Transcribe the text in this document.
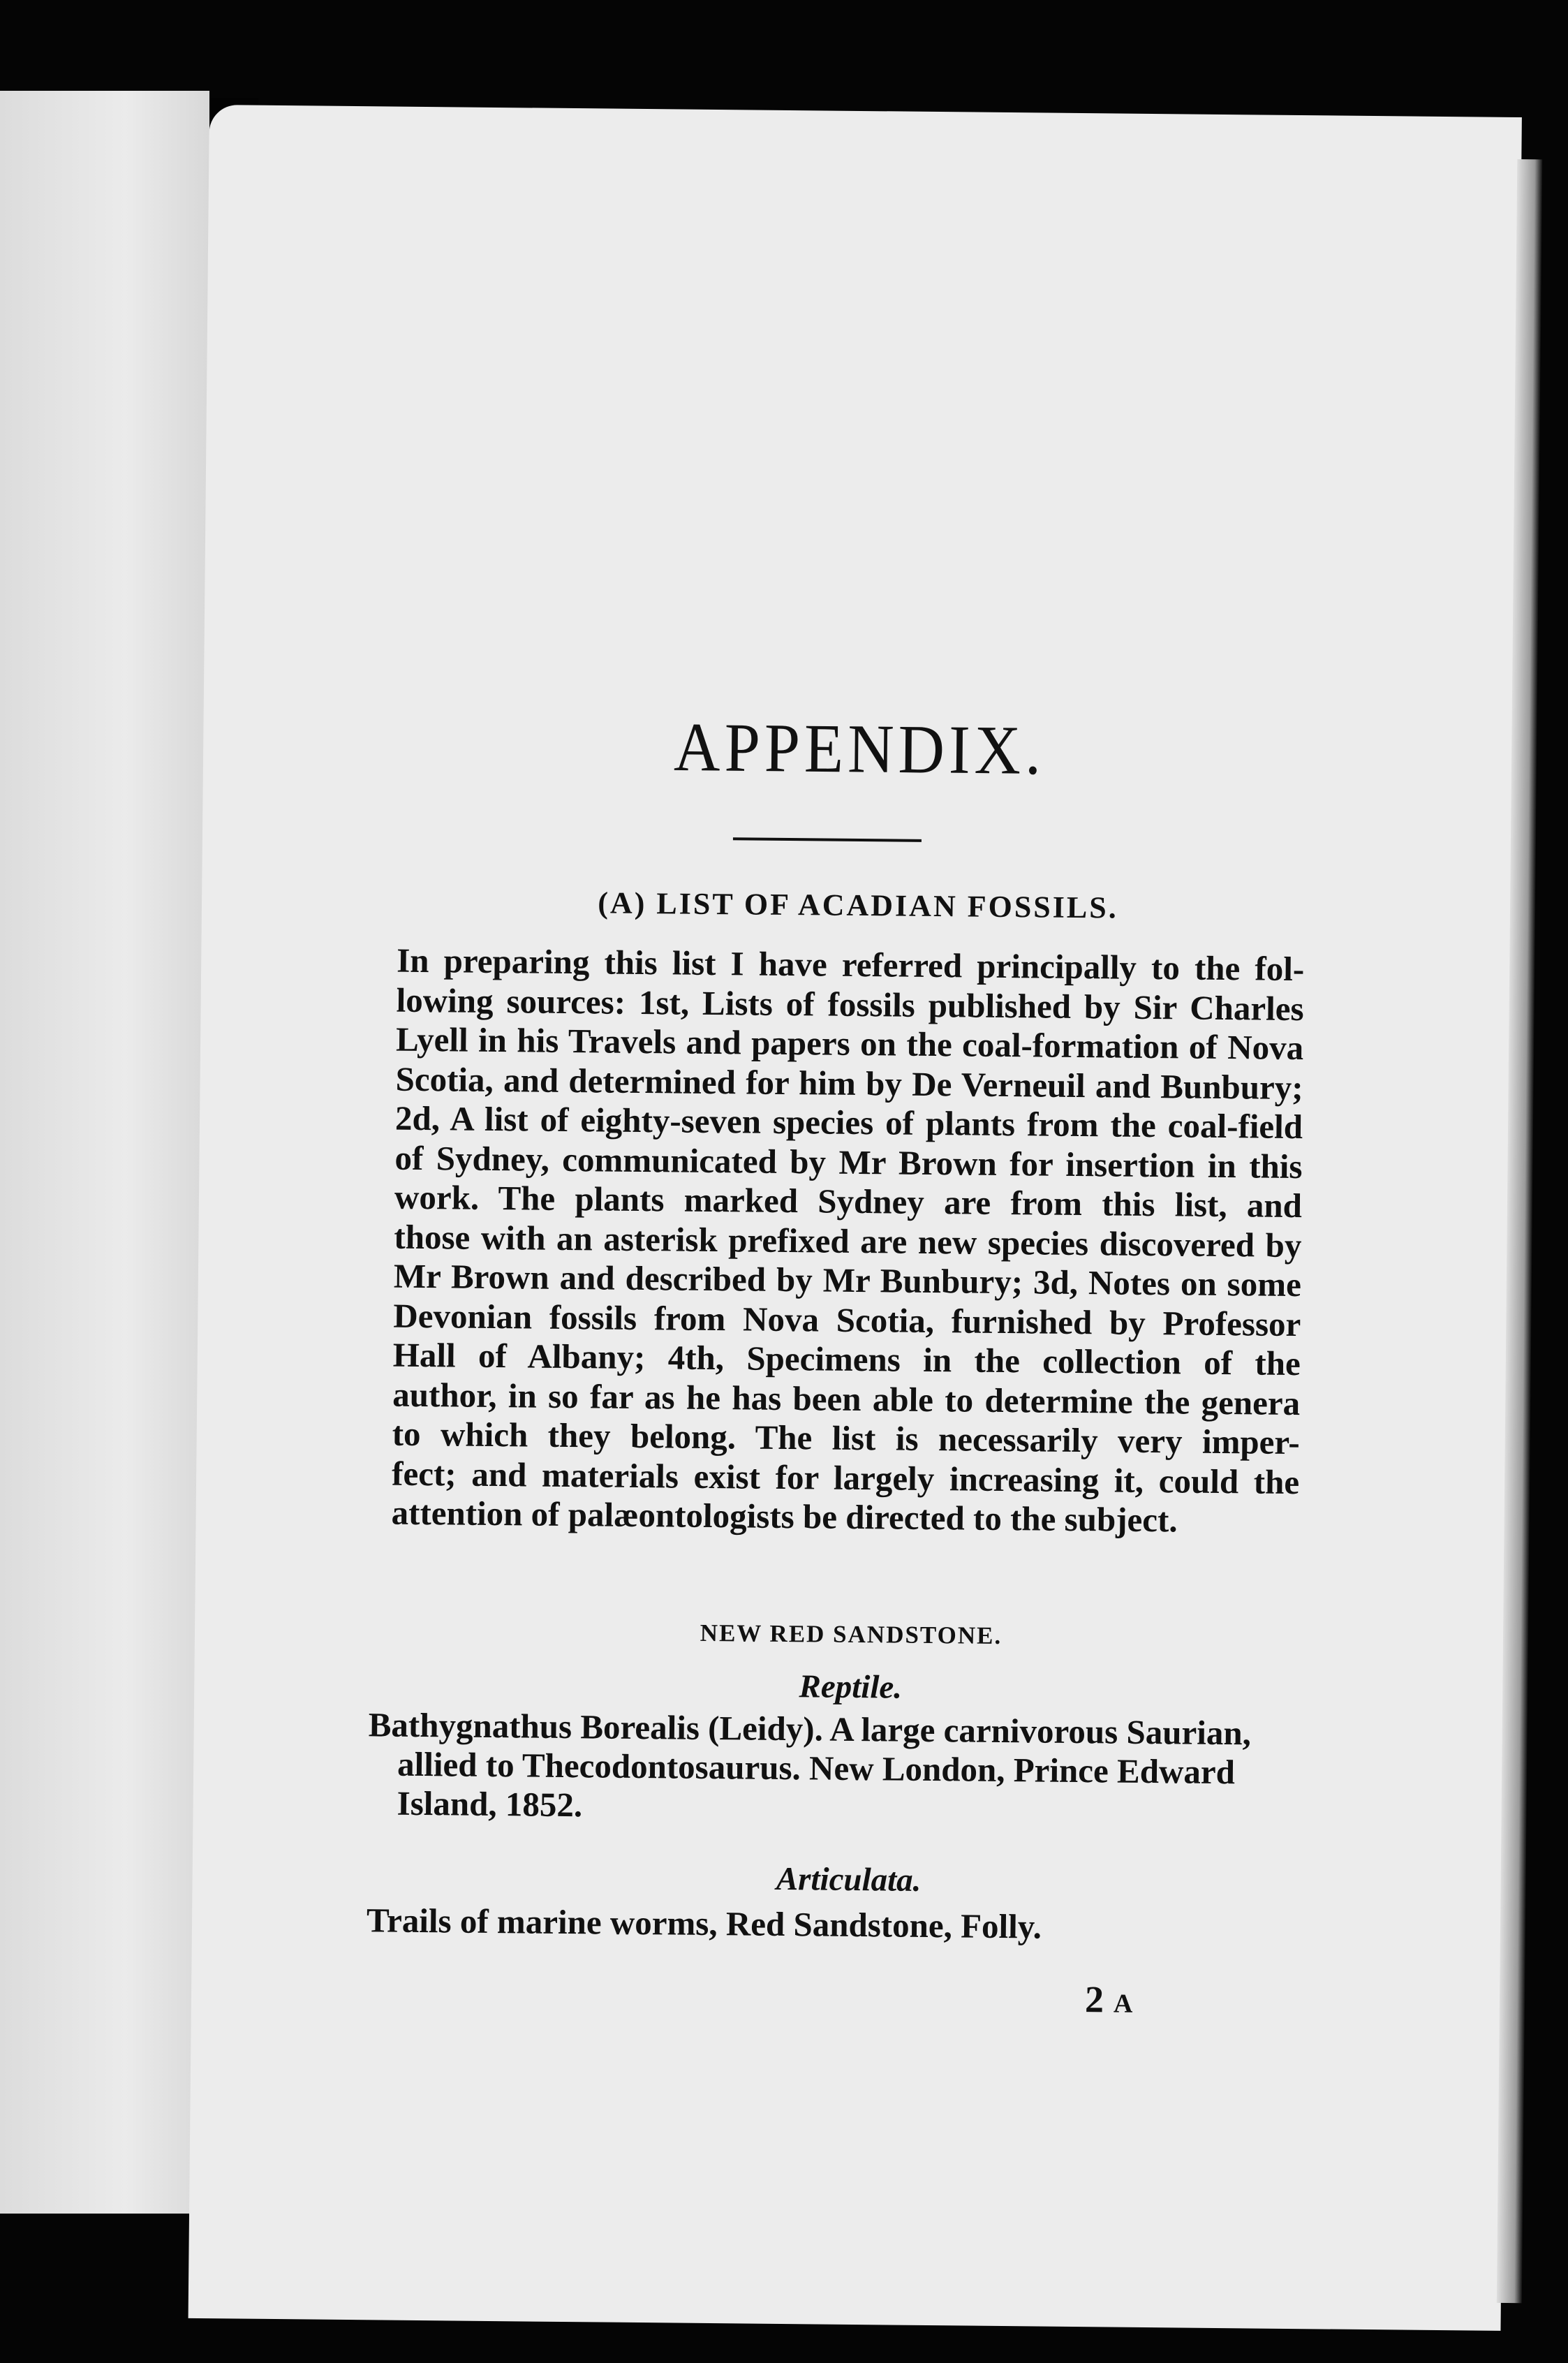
APPENDIX.
(A) LIST OF ACADIAN FOSSILS.
In preparing this list I have referred principally to the fol-
lowing sources: 1st, Lists of fossils published by Sir Charles
Lyell in his Travels and papers on the coal-formation of Nova
Scotia, and determined for him by De Verneuil and Bunbury;
2d, A list of eighty-seven species of plants from the coal-field
of Sydney, communicated by Mr Brown for insertion in this
work. The plants marked Sydney are from this list, and
those with an asterisk prefixed are new species discovered by
Mr Brown and described by Mr Bunbury; 3d, Notes on some
Devonian fossils from Nova Scotia, furnished by Professor
Hall of Albany; 4th, Specimens in the collection of the
author, in so far as he has been able to determine the genera
to which they belong. The list is necessarily very imper-
fect; and materials exist for largely increasing it, could the
attention of palæontologists be directed to the subject.
NEW RED SANDSTONE.
Reptile.
Bathygnathus Borealis (Leidy). A large carnivorous Saurian,
allied to Thecodontosaurus. New London, Prince Edward
Island, 1852.
Articulata.
Trails of marine worms, Red Sandstone, Folly.
2 A
